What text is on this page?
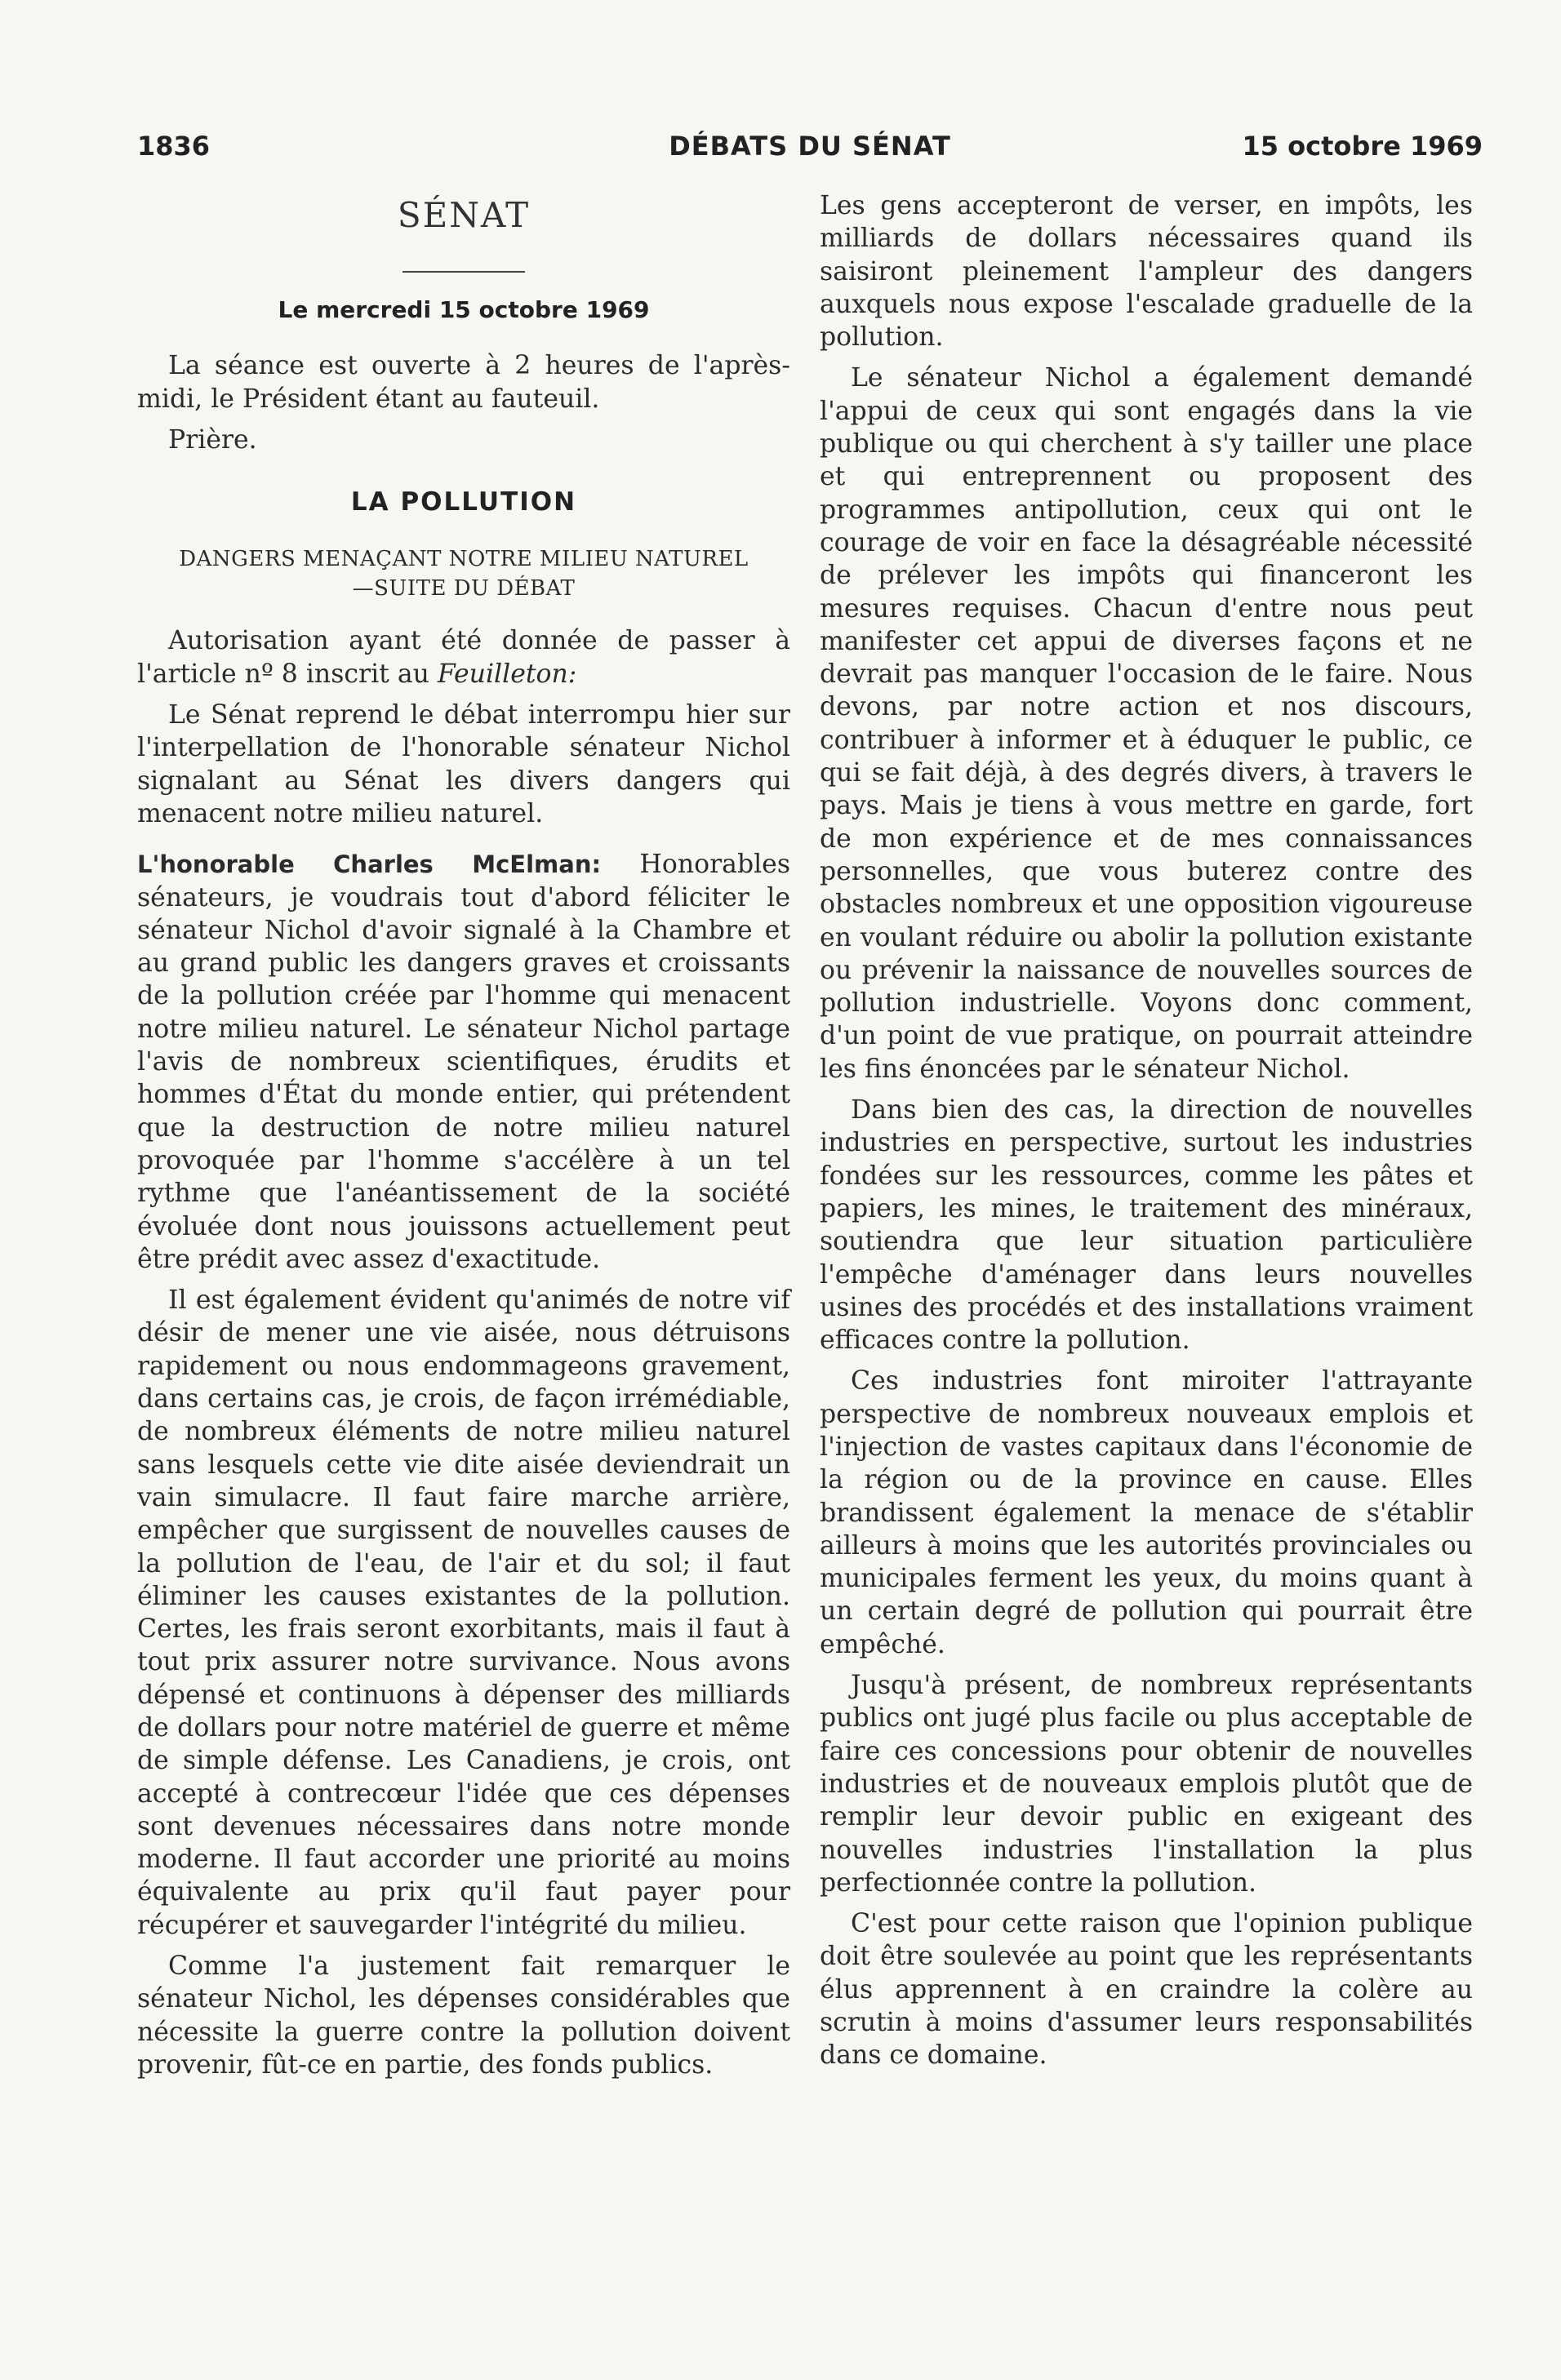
1836	DÉBATS DU SÉNAT	15 octobre 1969
SÉNAT
Le mercredi 15 octobre 1969

La séance est ouverte à 2 heures de l'après-midi, le Président étant au fauteuil.

Prière.

LA POLLUTION
DANGERS MENAÇANT NOTRE MILIEU NATUREL
—SUITE DU DÉBAT

Autorisation ayant été donnée de passer à l'article nº 8 inscrit au Feuilleton:

Le Sénat reprend le débat interrompu hier sur l'interpellation de l'honorable sénateur Nichol signalant au Sénat les divers dangers qui menacent notre milieu naturel.

L'honorable Charles McElman: Honorables sénateurs, je voudrais tout d'abord féliciter le sénateur Nichol d'avoir signalé à la Chambre et au grand public les dangers graves et croissants de la pollution créée par l'homme qui menacent notre milieu naturel. Le sénateur Nichol partage l'avis de nombreux scientifiques, érudits et hommes d'État du monde entier, qui prétendent que la destruction de notre milieu naturel provoquée par l'homme s'accélère à un tel rythme que l'anéantissement de la société évoluée dont nous jouissons actuellement peut être prédit avec assez d'exactitude.

Il est également évident qu'animés de notre vif désir de mener une vie aisée, nous détruisons rapidement ou nous endommageons gravement, dans certains cas, je crois, de façon irrémédiable, de nombreux éléments de notre milieu naturel sans lesquels cette vie dite aisée deviendrait un vain simulacre. Il faut faire marche arrière, empêcher que surgissent de nouvelles causes de la pollution de l'eau, de l'air et du sol; il faut éliminer les causes existantes de la pollution. Certes, les frais seront exorbitants, mais il faut à tout prix assurer notre survivance. Nous avons dépensé et continuons à dépenser des milliards de dollars pour notre matériel de guerre et même de simple défense. Les Canadiens, je crois, ont accepté à contrecœur l'idée que ces dépenses sont devenues nécessaires dans notre monde moderne. Il faut accorder une priorité au moins équivalente au prix qu'il faut payer pour récupérer et sauvegarder l'intégrité du milieu.

Comme l'a justement fait remarquer le sénateur Nichol, les dépenses considérables que nécessite la guerre contre la pollution doivent provenir, fût-ce en partie, des fonds publics.

Les gens accepteront de verser, en impôts, les milliards de dollars nécessaires quand ils saisiront pleinement l'ampleur des dangers auxquels nous expose l'escalade graduelle de la pollution.

Le sénateur Nichol a également demandé l'appui de ceux qui sont engagés dans la vie publique ou qui cherchent à s'y tailler une place et qui entreprennent ou proposent des programmes antipollution, ceux qui ont le courage de voir en face la désagréable nécessité de prélever les impôts qui financeront les mesures requises. Chacun d'entre nous peut manifester cet appui de diverses façons et ne devrait pas manquer l'occasion de le faire. Nous devons, par notre action et nos discours, contribuer à informer et à éduquer le public, ce qui se fait déjà, à des degrés divers, à travers le pays. Mais je tiens à vous mettre en garde, fort de mon expérience et de mes connaissances personnelles, que vous buterez contre des obstacles nombreux et une opposition vigoureuse en voulant réduire ou abolir la pollution existante ou prévenir la naissance de nouvelles sources de pollution industrielle. Voyons donc comment, d'un point de vue pratique, on pourrait atteindre les fins énoncées par le sénateur Nichol.

Dans bien des cas, la direction de nouvelles industries en perspective, surtout les industries fondées sur les ressources, comme les pâtes et papiers, les mines, le traitement des minéraux, soutiendra que leur situation particulière l'empêche d'aménager dans leurs nouvelles usines des procédés et des installations vraiment efficaces contre la pollution.

Ces industries font miroiter l'attrayante perspective de nombreux nouveaux emplois et l'injection de vastes capitaux dans l'économie de la région ou de la province en cause. Elles brandissent également la menace de s'établir ailleurs à moins que les autorités provinciales ou municipales ferment les yeux, du moins quant à un certain degré de pollution qui pourrait être empêché.

Jusqu'à présent, de nombreux représentants publics ont jugé plus facile ou plus acceptable de faire ces concessions pour obtenir de nouvelles industries et de nouveaux emplois plutôt que de remplir leur devoir public en exigeant des nouvelles industries l'installation la plus perfectionnée contre la pollution.

C'est pour cette raison que l'opinion publique doit être soulevée au point que les représentants élus apprennent à en craindre la colère au scrutin à moins d'assumer leurs responsabilités dans ce domaine.
